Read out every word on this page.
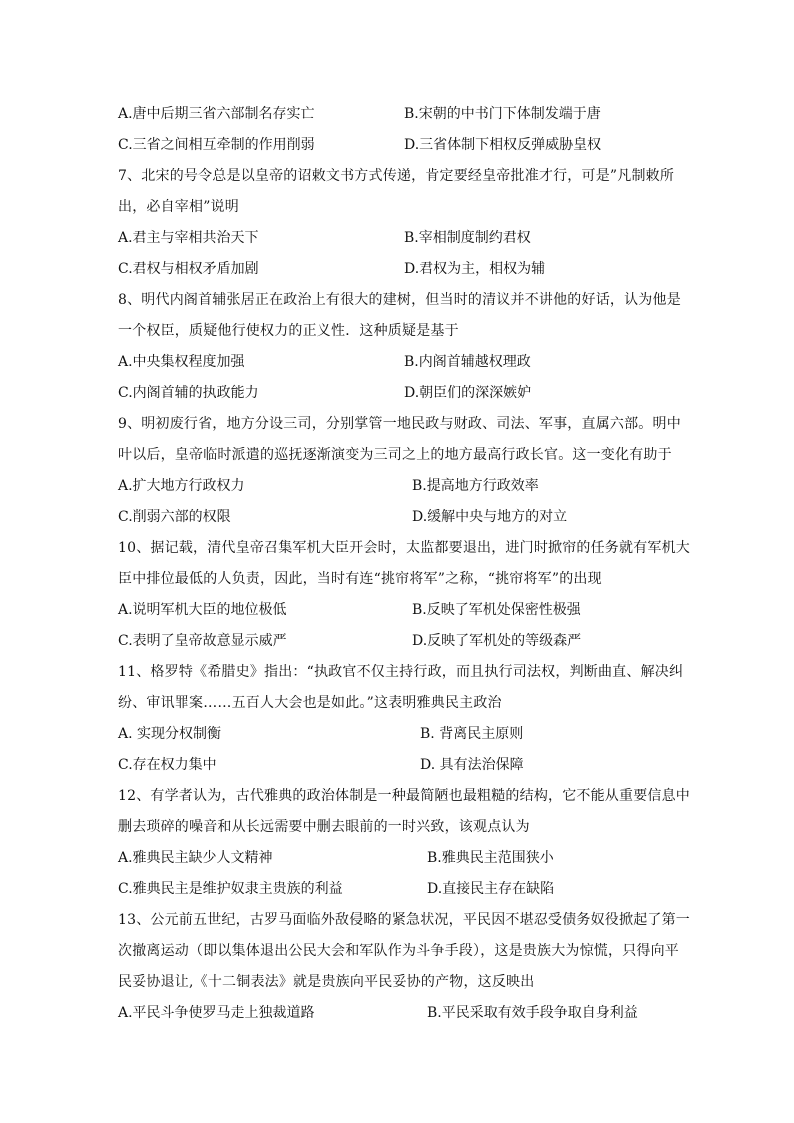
A.唐中后期三省六部制名存实亡	B.宋朝的中书门下体制发端于唐
C.三省之间相互牵制的作用削弱	D.三省体制下相权反弹威胁皇权
7、北宋的号令总是以皇帝的诏敕文书方式传递，肯定要经皇帝批准才行，可是”凡制敕所
出，必自宰相”说明
A.君主与宰相共治天下	B.宰相制度制约君权
C.君权与相权矛盾加剧	D.君权为主，相权为辅
8、明代内阁首辅张居正在政治上有很大的建树，但当时的清议并不讲他的好话，认为他是
一个权臣，质疑他行使权力的正义性．这种质疑是基于
A.中央集权程度加强	B.内阁首辅越权理政
C.内阁首辅的执政能力	D.朝臣们的深深嫉妒
9、明初废行省，地方分设三司，分别掌管一地民政与财政、司法、军事，直属六部。明中
叶以后，皇帝临时派遣的巡抚逐渐演变为三司之上的地方最高行政长官。这一变化有助于
A.扩大地方行政权力	B.提高地方行政效率
C.削弱六部的权限	D.缓解中央与地方的对立
10、据记载，清代皇帝召集军机大臣开会时，太监都要退出，进门时掀帘的任务就有军机大
臣中排位最低的人负责，因此，当时有连“挑帘将军”之称，“挑帘将军”的出现
A.说明军机大臣的地位极低	B.反映了军机处保密性极强
C.表明了皇帝故意显示威严	D.反映了军机处的等级森严
11、格罗特《希腊史》指出：“执政官不仅主持行政，而且执行司法权，判断曲直、解决纠
纷、审讯罪案……五百人大会也是如此。”这表明雅典民主政治
A. 实现分权制衡	B. 背离民主原则
C.存在权力集中	D. 具有法治保障
12、有学者认为，古代雅典的政治体制是一种最简陋也最粗糙的结构，它不能从重要信息中
删去琐碎的噪音和从长远需要中删去眼前的一时兴致，该观点认为
A.雅典民主缺少人文精神	B.雅典民主范围狭小
C.雅典民主是维护奴隶主贵族的利益	D.直接民主存在缺陷
13、公元前五世纪，古罗马面临外敌侵略的紧急状况，平民因不堪忍受债务奴役掀起了第一
次撤离运动（即以集体退出公民大会和军队作为斗争手段），这是贵族大为惊慌，只得向平
民妥协退让,《十二铜表法》就是贵族向平民妥协的产物，这反映出
A.平民斗争使罗马走上独裁道路	B.平民采取有效手段争取自身利益
